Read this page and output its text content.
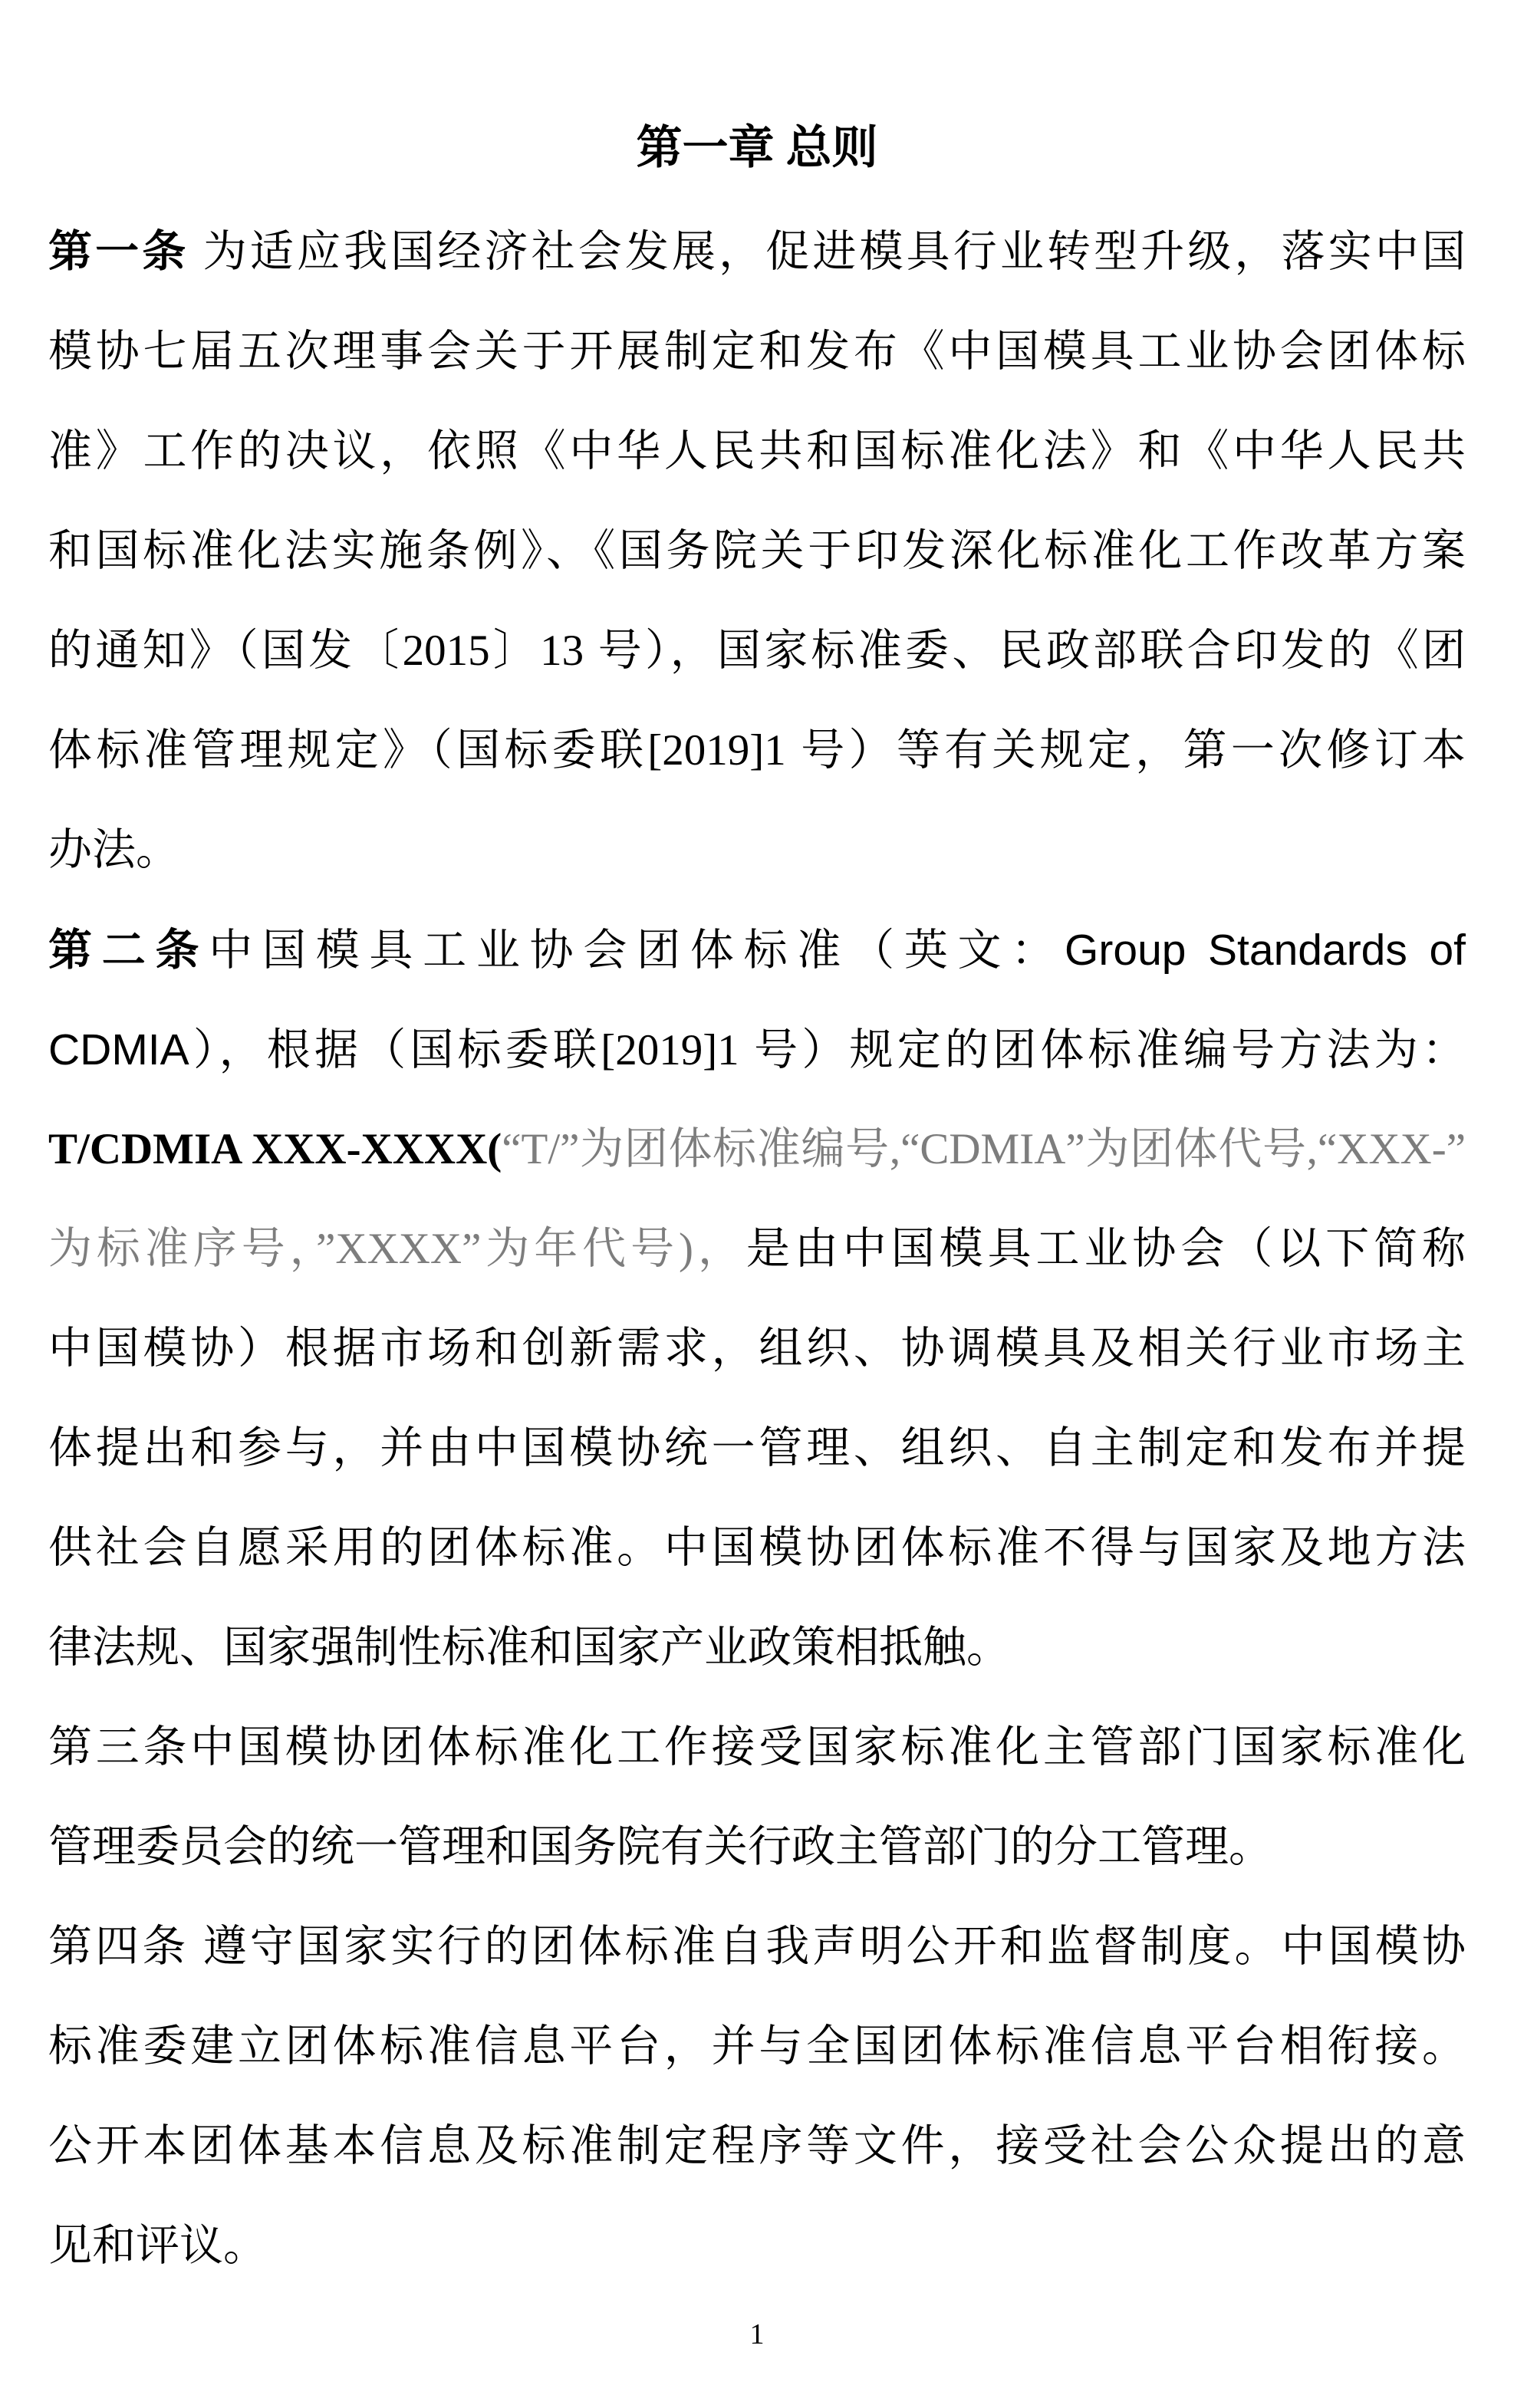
第一章 总则
第一条 为适应我国经济社会发展，促进模具行业转型升级，落实中国
模协七届五次理事会关于开展制定和发布《中国模具工业协会团体标
准》工作的决议，依照《中华人民共和国标准化法》和《中华人民共
和国标准化法实施条例》、《国务院关于印发深化标准化工作改革方案
的通知》（国发〔2015〕13 号），国家标准委、民政部联合印发的《团
体标准管理规定》（国标委联[2019]1 号）等有关规定，第一次修订本
办法。
第二条中国模具工业协会团体标准（英文：Group Standards of
CDMIA），根据（国标委联[2019]1 号）规定的团体标准编号方法为：
T/CDMIA XXX-XXXX(“T/”为团体标准编号,“CDMIA”为团体代号,“XXX-”
为标准序号，”XXXX”为年代号)，是由中国模具工业协会（以下简称
中国模协）根据市场和创新需求，组织、协调模具及相关行业市场主
体提出和参与，并由中国模协统一管理、组织、自主制定和发布并提
供社会自愿采用的团体标准。中国模协团体标准不得与国家及地方法
律法规、国家强制性标准和国家产业政策相抵触。
第三条中国模协团体标准化工作接受国家标准化主管部门国家标准化
管理委员会的统一管理和国务院有关行政主管部门的分工管理。
第四条 遵守国家实行的团体标准自我声明公开和监督制度。中国模协
标准委建立团体标准信息平台，并与全国团体标准信息平台相衔接。
公开本团体基本信息及标准制定程序等文件，接受社会公众提出的意
见和评议。
1
